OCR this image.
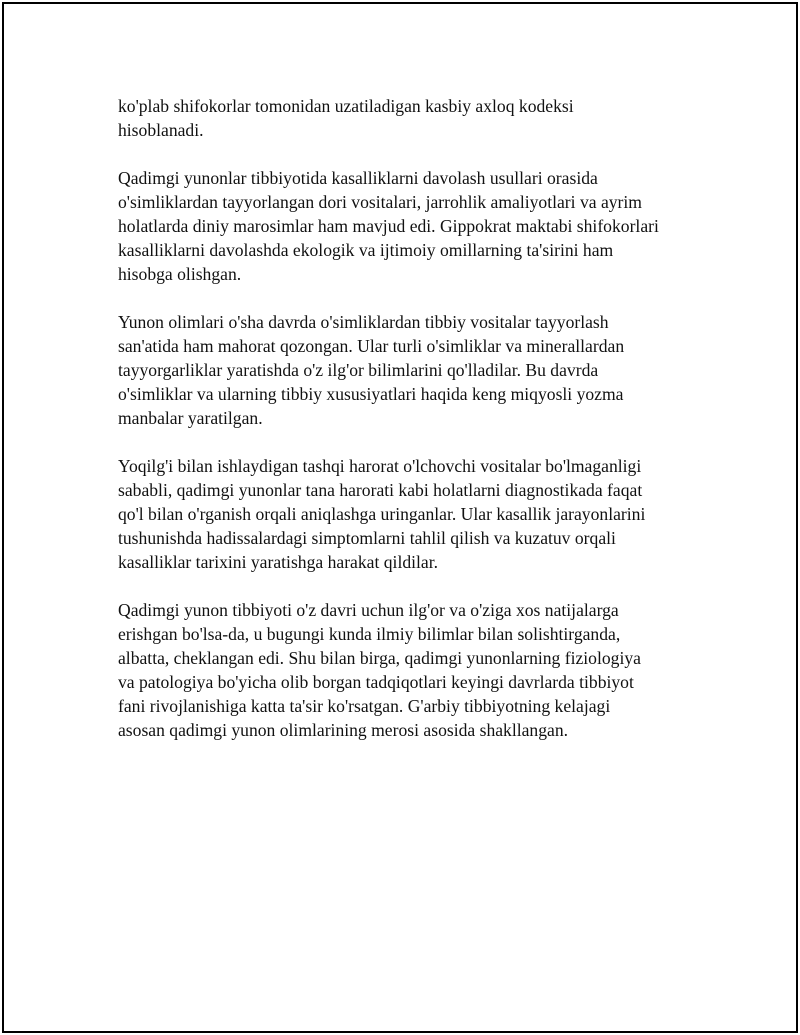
ko'plab shifokorlar tomonidan uzatiladigan kasbiy axloq kodeksi
hisoblanadi.

Qadimgi yunonlar tibbiyotida kasalliklarni davolash usullari orasida
o'simliklardan tayyorlangan dori vositalari, jarrohlik amaliyotlari va ayrim
holatlarda diniy marosimlar ham mavjud edi. Gippokrat maktabi shifokorlari
kasalliklarni davolashda ekologik va ijtimoiy omillarning ta'sirini ham
hisobga olishgan.

Yunon olimlari o'sha davrda o'simliklardan tibbiy vositalar tayyorlash
san'atida ham mahorat qozongan. Ular turli o'simliklar va minerallardan
tayyorgarliklar yaratishda o'z ilg'or bilimlarini qo'lladilar. Bu davrda
o'simliklar va ularning tibbiy xususiyatlari haqida keng miqyosli yozma
manbalar yaratilgan.

Yoqilg'i bilan ishlaydigan tashqi harorat o'lchovchi vositalar bo'lmaganligi
sababli, qadimgi yunonlar tana harorati kabi holatlarni diagnostikada faqat
qo'l bilan o'rganish orqali aniqlashga uringanlar. Ular kasallik jarayonlarini
tushunishda hadissalardagi simptomlarni tahlil qilish va kuzatuv orqali
kasalliklar tarixini yaratishga harakat qildilar.

Qadimgi yunon tibbiyoti o'z davri uchun ilg'or va o'ziga xos natijalarga
erishgan bo'lsa-da, u bugungi kunda ilmiy bilimlar bilan solishtirganda,
albatta, cheklangan edi. Shu bilan birga, qadimgi yunonlarning fiziologiya
va patologiya bo'yicha olib borgan tadqiqotlari keyingi davrlarda tibbiyot
fani rivojlanishiga katta ta'sir ko'rsatgan. G'arbiy tibbiyotning kelajagi
asosan qadimgi yunon olimlarining merosi asosida shakllangan.
